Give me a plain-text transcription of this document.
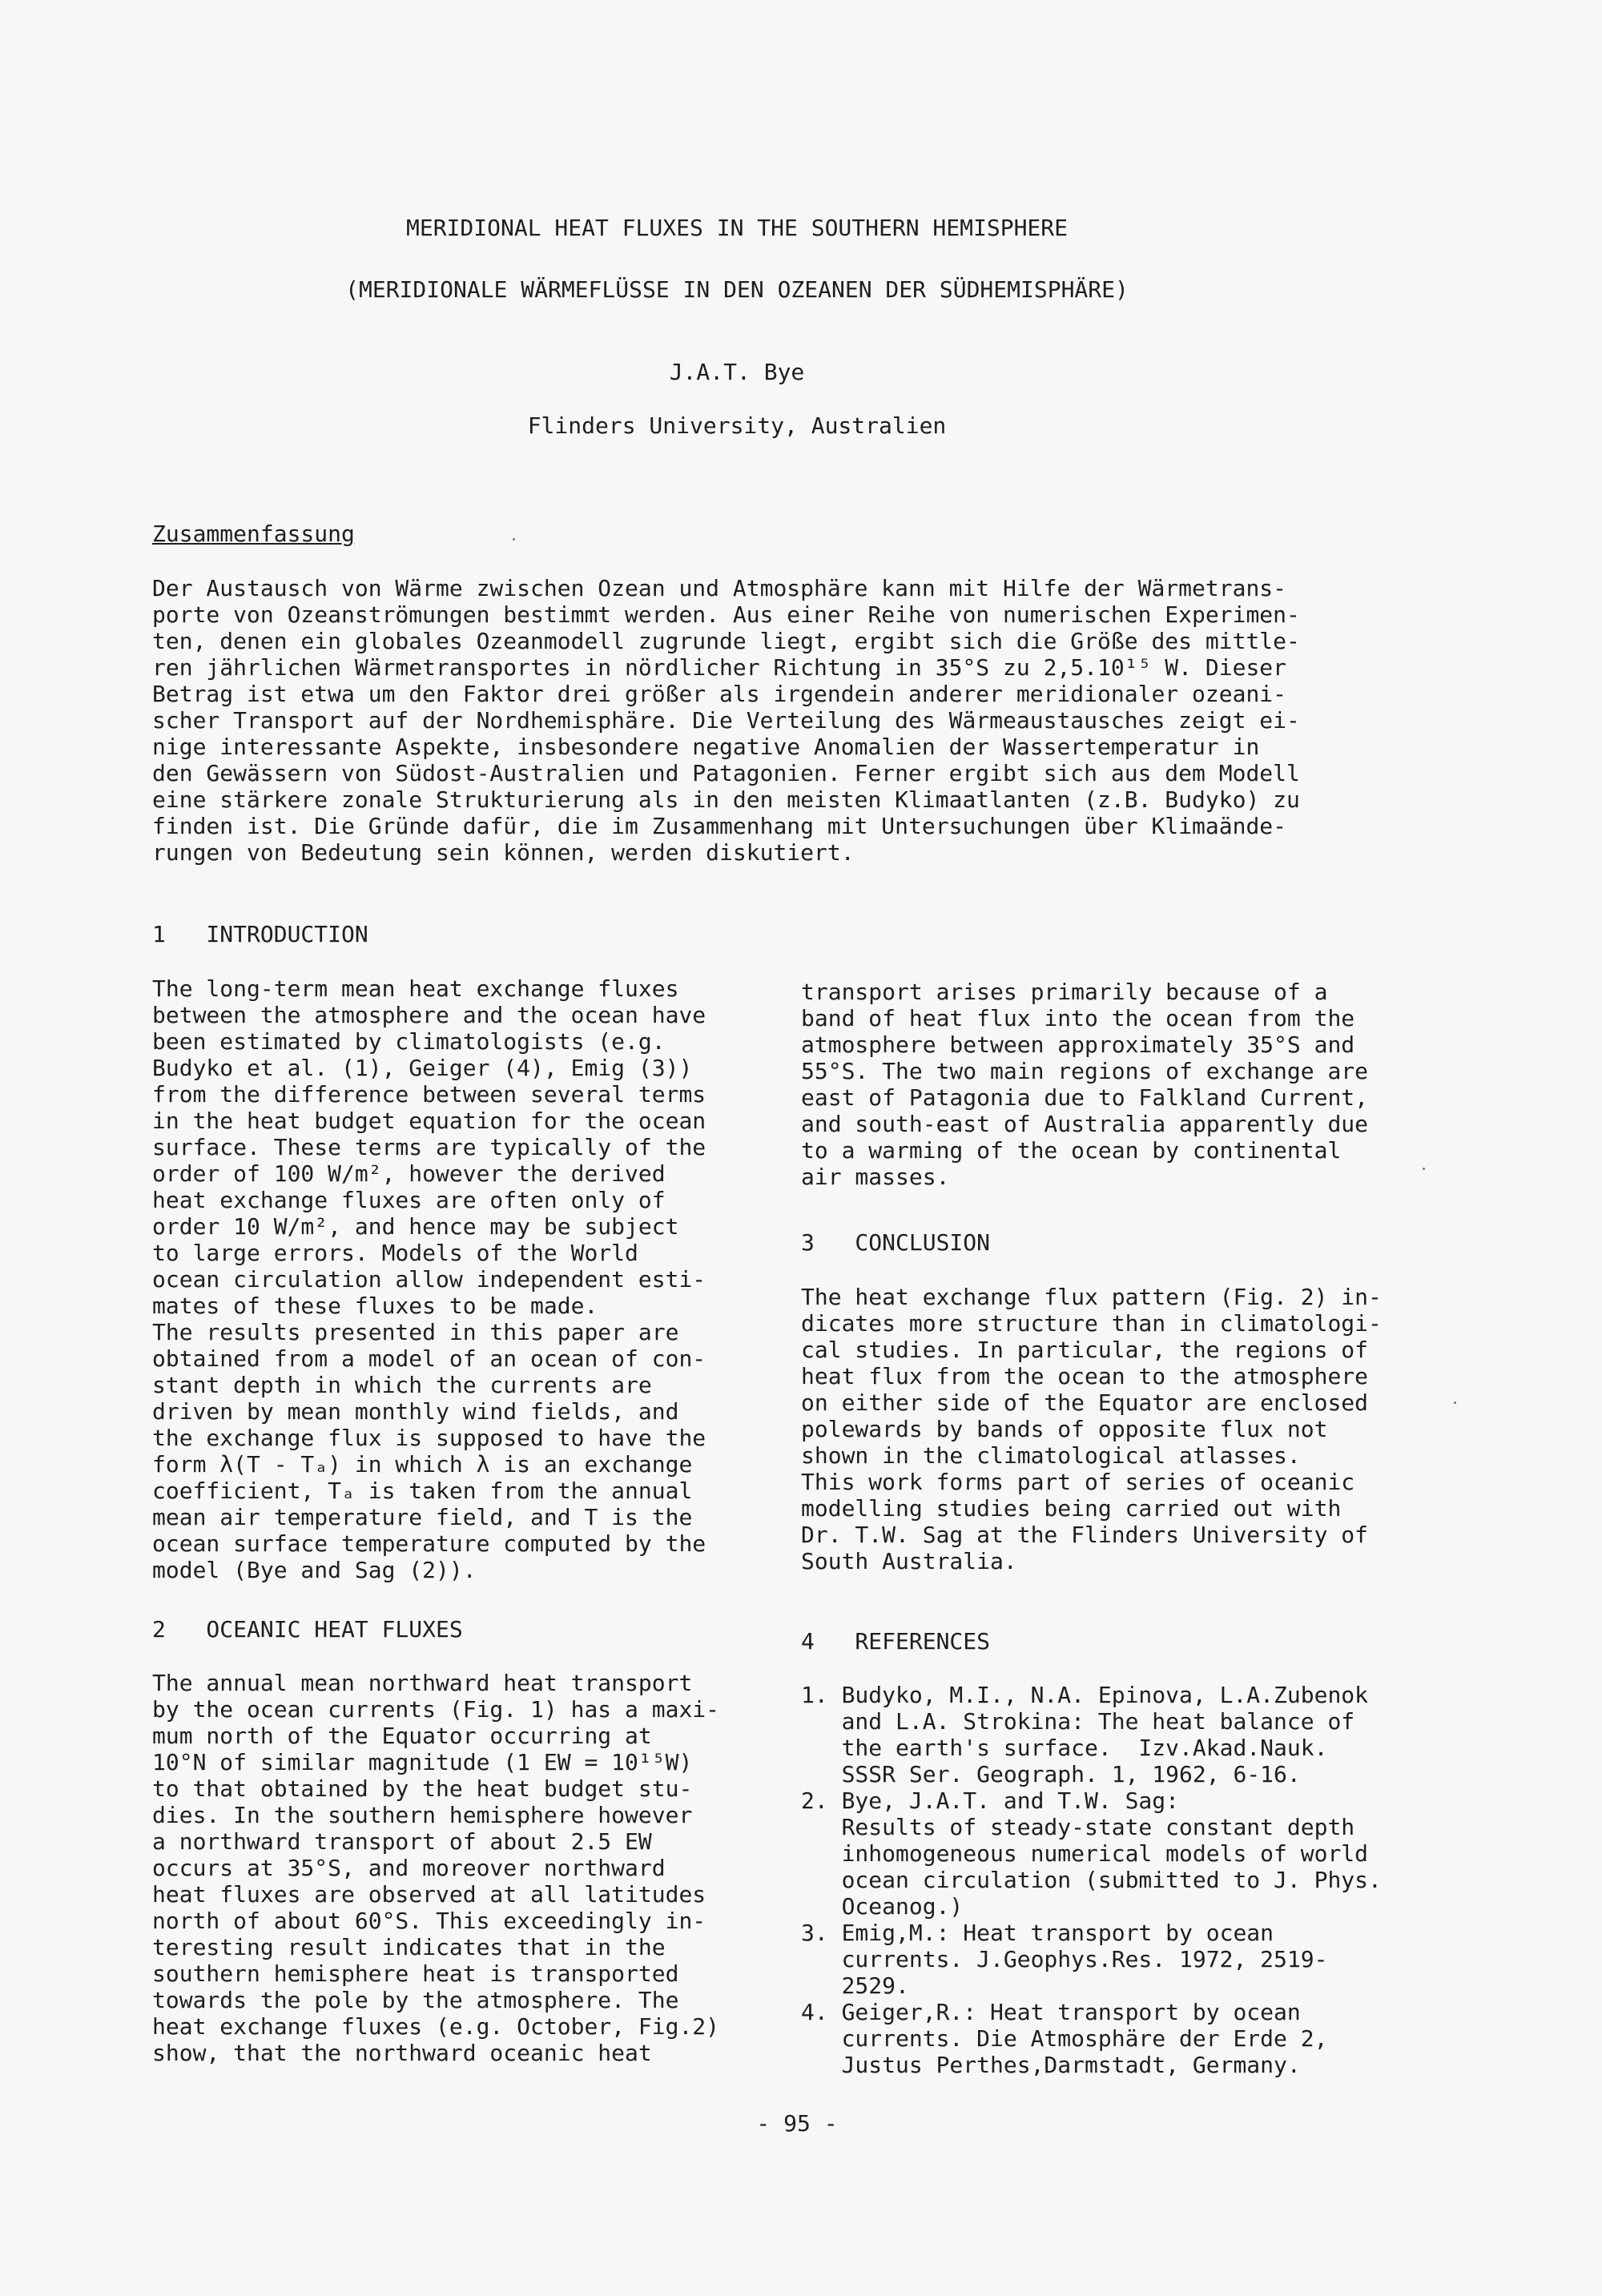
MERIDIONAL HEAT FLUXES IN THE SOUTHERN HEMISPHERE
(MERIDIONALE WÄRMEFLÜSSE IN DEN OZEANEN DER SÜDHEMISPHÄRE)
J.A.T. Bye
Flinders University, Australien
Zusammenfassung
Der Austausch von Wärme zwischen Ozean und Atmosphäre kann mit Hilfe der Wärmetrans-
porte von Ozeanströmungen bestimmt werden. Aus einer Reihe von numerischen Experimen-
ten, denen ein globales Ozeanmodell zugrunde liegt, ergibt sich die Größe des mittle-
ren jährlichen Wärmetransportes in nördlicher Richtung in 35°S zu 2,5.10¹⁵ W. Dieser
Betrag ist etwa um den Faktor drei größer als irgendein anderer meridionaler ozeani-
scher Transport auf der Nordhemisphäre. Die Verteilung des Wärmeaustausches zeigt ei-
nige interessante Aspekte, insbesondere negative Anomalien der Wassertemperatur in
den Gewässern von Südost-Australien und Patagonien. Ferner ergibt sich aus dem Modell
eine stärkere zonale Strukturierung als in den meisten Klimaatlanten (z.B. Budyko) zu
finden ist. Die Gründe dafür, die im Zusammenhang mit Untersuchungen über Klimaände-
rungen von Bedeutung sein können, werden diskutiert.
1   INTRODUCTION
The long-term mean heat exchange fluxes
between the atmosphere and the ocean have
been estimated by climatologists (e.g.
Budyko et al. (1), Geiger (4), Emig (3))
from the difference between several terms
in the heat budget equation for the ocean
surface. These terms are typically of the
order of 100 W/m², however the derived
heat exchange fluxes are often only of
order 10 W/m², and hence may be subject
to large errors. Models of the World
ocean circulation allow independent esti-
mates of these fluxes to be made.
The results presented in this paper are
obtained from a model of an ocean of con-
stant depth in which the currents are
driven by mean monthly wind fields, and
the exchange flux is supposed to have the
form λ(T - Tₐ) in which λ is an exchange
coefficient, Tₐ is taken from the annual
mean air temperature field, and T is the
ocean surface temperature computed by the
model (Bye and Sag (2)).
2   OCEANIC HEAT FLUXES
The annual mean northward heat transport
by the ocean currents (Fig. 1) has a maxi-
mum north of the Equator occurring at
10°N of similar magnitude (1 EW = 10¹⁵W)
to that obtained by the heat budget stu-
dies. In the southern hemisphere however
a northward transport of about 2.5 EW
occurs at 35°S, and moreover northward
heat fluxes are observed at all latitudes
north of about 60°S. This exceedingly in-
teresting result indicates that in the
southern hemisphere heat is transported
towards the pole by the atmosphere. The
heat exchange fluxes (e.g. October, Fig.2)
show, that the northward oceanic heat
transport arises primarily because of a
band of heat flux into the ocean from the
atmosphere between approximately 35°S and
55°S. The two main regions of exchange are
east of Patagonia due to Falkland Current,
and south-east of Australia apparently due
to a warming of the ocean by continental
air masses.
3   CONCLUSION
The heat exchange flux pattern (Fig. 2) in-
dicates more structure than in climatologi-
cal studies. In particular, the regions of
heat flux from the ocean to the atmosphere
on either side of the Equator are enclosed
polewards by bands of opposite flux not
shown in the climatological atlasses.
This work forms part of series of oceanic
modelling studies being carried out with
Dr. T.W. Sag at the Flinders University of
South Australia.
4   REFERENCES
1. Budyko, M.I., N.A. Epinova, L.A.Zubenok
and L.A. Strokina: The heat balance of
the earth's surface.  Izv.Akad.Nauk.
SSSR Ser. Geograph. 1, 1962, 6-16.
2. Bye, J.A.T. and T.W. Sag:
Results of steady-state constant depth
inhomogeneous numerical models of world
ocean circulation (submitted to J. Phys.
Oceanog.)
3. Emig,M.: Heat transport by ocean
currents. J.Geophys.Res. 1972, 2519-
2529.
4. Geiger,R.: Heat transport by ocean
currents. Die Atmosphäre der Erde 2,
Justus Perthes,Darmstadt, Germany.
- 95 -
